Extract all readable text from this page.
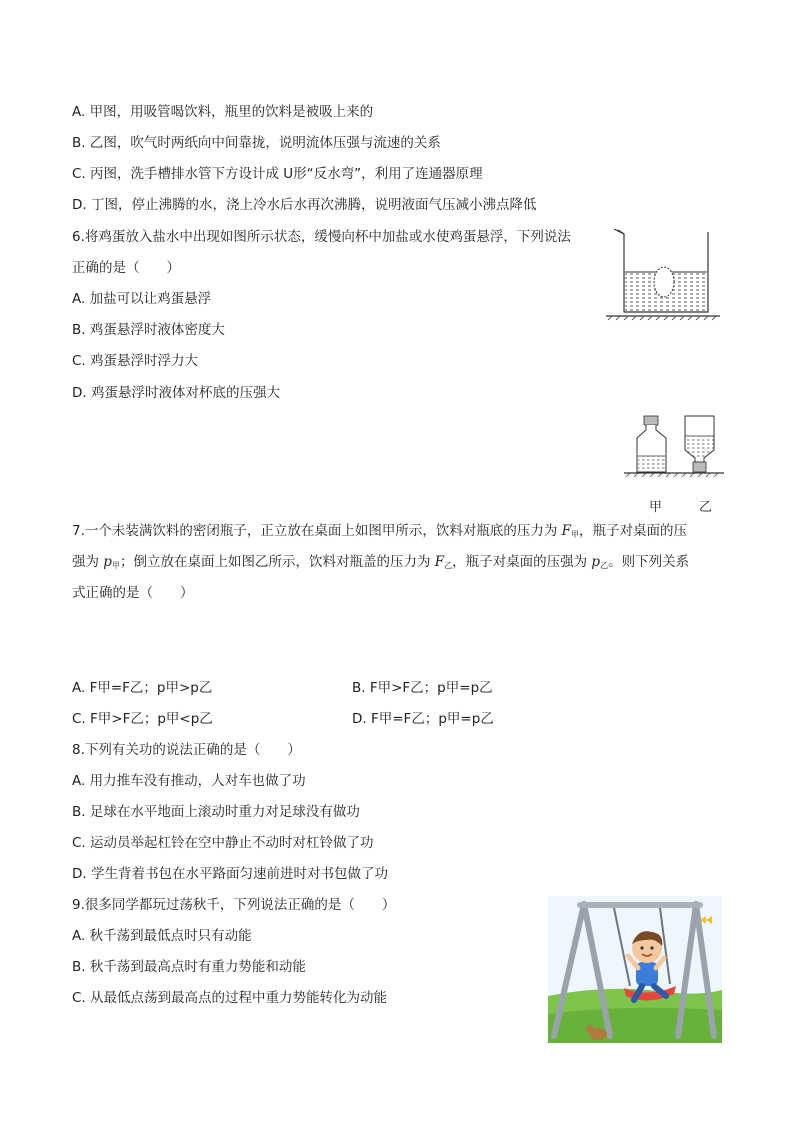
A. 甲图，用吸管喝饮料，瓶里的饮料是被吸上来的
B. 乙图，吹气时两纸向中间靠拢，说明流体压强与流速的关系
C. 丙图，洗手槽排水管下方设计成 U形“反水弯”，利用了连通器原理
D. 丁图，停止沸腾的水，浇上冷水后水再次沸腾，说明液面气压减小沸点降低
6.将鸡蛋放入盐水中出现如图所示状态，缓慢向杯中加盐或水使鸡蛋悬浮，下列说法
正确的是（　　）
A. 加盐可以让鸡蛋悬浮
B. 鸡蛋悬浮时液体密度大
C. 鸡蛋悬浮时浮力大
D. 鸡蛋悬浮时液体对杯底的压强大
甲	乙
7.一个未装满饮料的密闭瓶子，正立放在桌面上如图甲所示，饮料对瓶底的压力为 $F_甲$，瓶子对桌面的压
强为 $p_甲$；倒立放在桌面上如图乙所示，饮料对瓶盖的压力为 $F_乙$，瓶子对桌面的压强为 $p_乙$。则下列关系
式正确的是（　　）
A. F甲=F乙；p甲>p乙	B. F甲>F乙；p甲=p乙
C. F甲>F乙；p甲<p乙	D. F甲=F乙；p甲=p乙
8.下列有关功的说法正确的是（　　）
A. 用力推车没有推动，人对车也做了功
B. 足球在水平地面上滚动时重力对足球没有做功
C. 运动员举起杠铃在空中静止不动时对杠铃做了功
D. 学生背着书包在水平路面匀速前进时对书包做了功
9.很多同学都玩过荡秋千，下列说法正确的是（　　）
A. 秋千荡到最低点时只有动能
B. 秋千荡到最高点时有重力势能和动能
C. 从最低点荡到最高点的过程中重力势能转化为动能
